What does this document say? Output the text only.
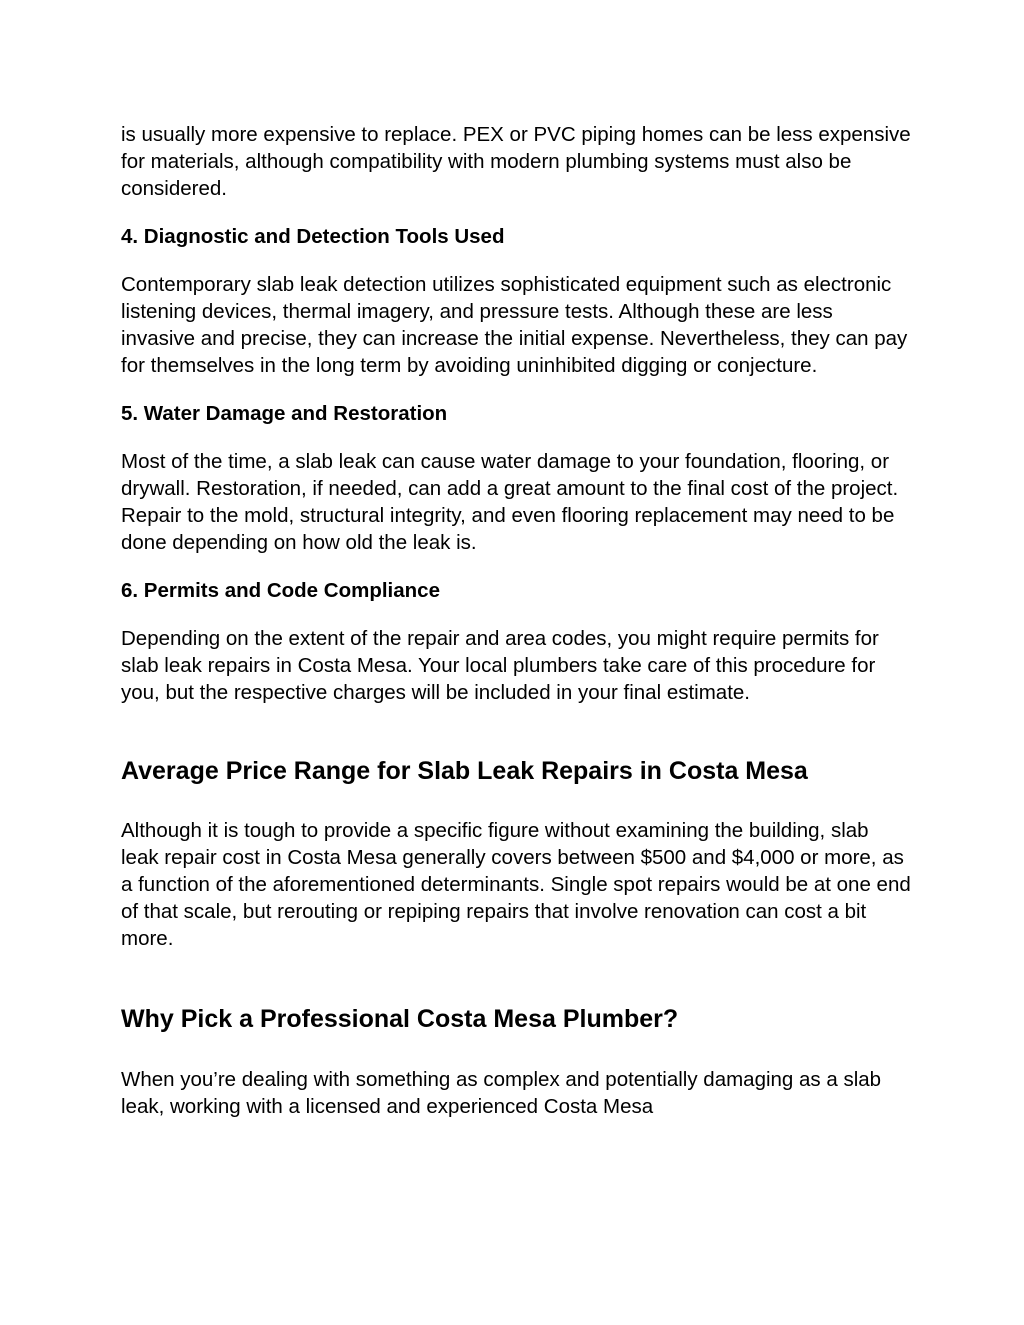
is usually more expensive to replace. PEX or PVC piping homes can be less expensive for materials, although compatibility with modern plumbing systems must also be considered.

4. Diagnostic and Detection Tools Used

Contemporary slab leak detection utilizes sophisticated equipment such as electronic listening devices, thermal imagery, and pressure tests. Although these are less invasive and precise, they can increase the initial expense. Nevertheless, they can pay for themselves in the long term by avoiding uninhibited digging or conjecture.

5. Water Damage and Restoration

Most of the time, a slab leak can cause water damage to your foundation, flooring, or drywall. Restoration, if needed, can add a great amount to the final cost of the project. Repair to the mold, structural integrity, and even flooring replacement may need to be done depending on how old the leak is.

6. Permits and Code Compliance

Depending on the extent of the repair and area codes, you might require permits for slab leak repairs in Costa Mesa. Your local plumbers take care of this procedure for you, but the respective charges will be included in your final estimate.

Average Price Range for Slab Leak Repairs in Costa Mesa

Although it is tough to provide a specific figure without examining the building, slab leak repair cost in Costa Mesa generally covers between $500 and $4,000 or more, as a function of the aforementioned determinants. Single spot repairs would be at one end of that scale, but rerouting or repiping repairs that involve renovation can cost a bit more.

Why Pick a Professional Costa Mesa Plumber?

When you’re dealing with something as complex and potentially damaging as a slab leak, working with a licensed and experienced Costa Mesa
